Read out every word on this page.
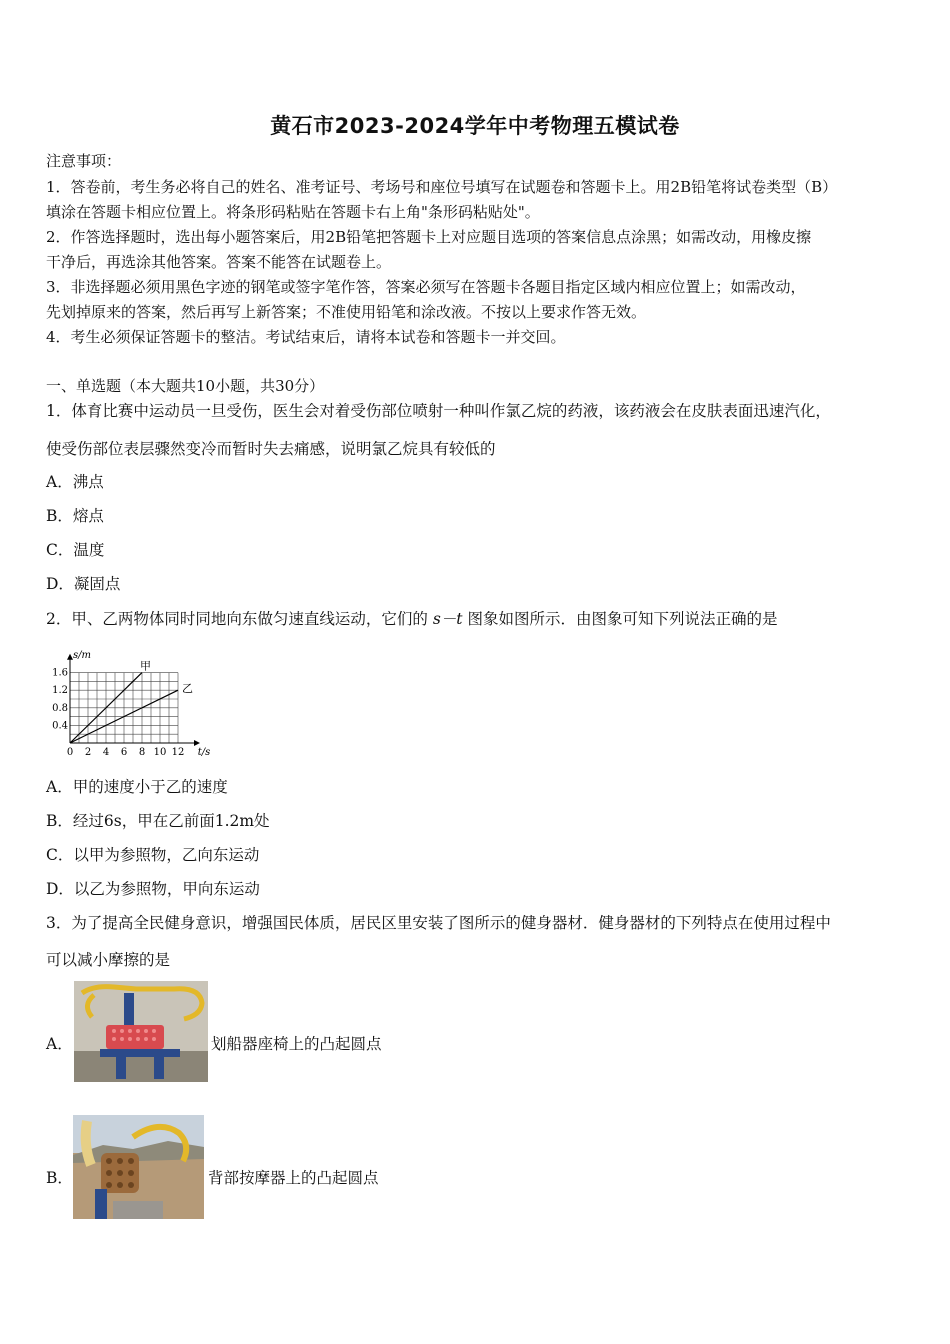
黄石市2023-2024学年中考物理五模试卷
注意事项：
1．答卷前，考生务必将自己的姓名、准考证号、考场号和座位号填写在试题卷和答题卡上。用2B铅笔将试卷类型（B）
填涂在答题卡相应位置上。将条形码粘贴在答题卡右上角"条形码粘贴处"。
2．作答选择题时，选出每小题答案后，用2B铅笔把答题卡上对应题目选项的答案信息点涂黑；如需改动，用橡皮擦
干净后，再选涂其他答案。答案不能答在试题卷上。
3．非选择题必须用黑色字迹的钢笔或签字笔作答，答案必须写在答题卡各题目指定区域内相应位置上；如需改动，
先划掉原来的答案，然后再写上新答案；不准使用铅笔和涂改液。不按以上要求作答无效。
4．考生必须保证答题卡的整洁。考试结束后，请将本试卷和答题卡一并交回。
一、单选题（本大题共10小题，共30分）
1．体育比赛中运动员一旦受伤，医生会对着受伤部位喷射一种叫作氯乙烷的药液，该药液会在皮肤表面迅速汽化，
使受伤部位表层骤然变冷而暂时失去痛感，说明氯乙烷具有较低的
A．沸点
B．熔点
C．温度
D．凝固点
2．甲、乙两物体同时同地向东做匀速直线运动，它们的 s－t 图象如图所示．由图象可知下列说法正确的是
0 2 4 6 8 10 12
0.4
0.8
1.2
1.6
t/s
s/m
甲
乙
A．甲的速度小于乙的速度
B．经过6s，甲在乙前面1.2m处
C．以甲为参照物，乙向东运动
D．以乙为参照物，甲向东运动
3．为了提高全民健身意识，增强国民体质，居民区里安装了图所示的健身器材．健身器材的下列特点在使用过程中
可以减小摩擦的是
A．	划船器座椅上的凸起圆点
B．	背部按摩器上的凸起圆点
